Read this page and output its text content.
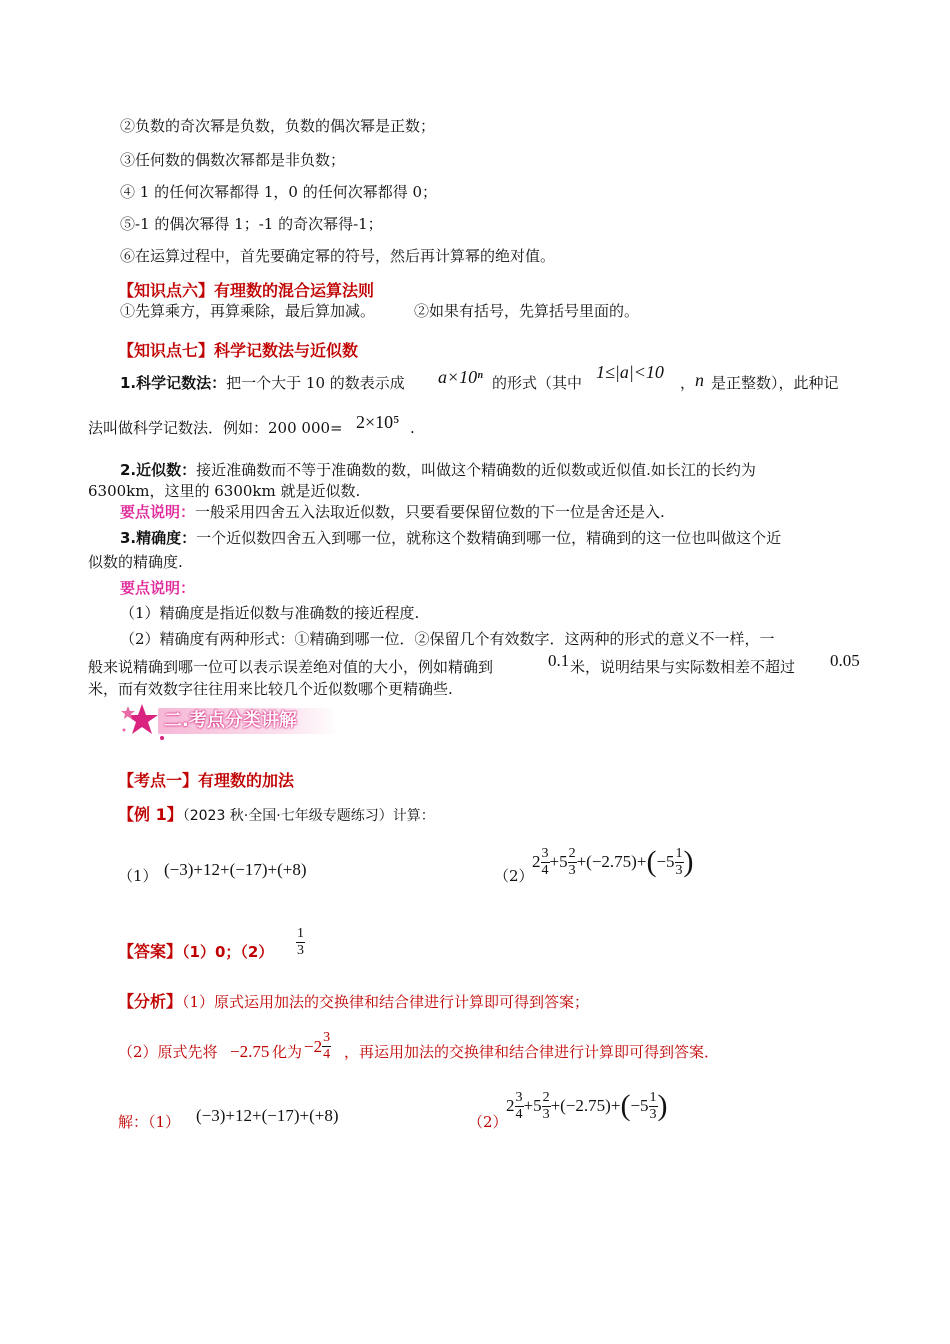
②负数的奇次幂是负数，负数的偶次幂是正数；
③任何数的偶数次幂都是非负数；
④ 1 的任何次幂都得 1，0 的任何次幂都得 0；
⑤-1 的偶次幂得 1；-1 的奇次幂得-1；
⑥在运算过程中，首先要确定幂的符号，然后再计算幂的绝对值。
【知识点六】有理数的混合运算法则
①先算乘方，再算乘除，最后算加减。	②如果有括号，先算括号里面的。
【知识点七】科学记数法与近似数
1.科学记数法：把一个大于 10 的数表示成 a×10ⁿ 的形式（其中
1≤|a|<10
， n 是正整数），此种记
法叫做科学记数法．例如：200 000= 2×10⁵ .
2.近似数：接近准确数而不等于准确数的数，叫做这个精确数的近似数或近似值.如长江的长约为
6300km，这里的 6300km 就是近似数.
要点说明：一般采用四舍五入法取近似数，只要看要保留位数的下一位是舍还是入.
3.精确度：一个近似数四舍五入到哪一位，就称这个数精确到哪一位，精确到的这一位也叫做这个近
似数的精确度.
要点说明：
（1）精确度是指近似数与准确数的接近程度.
（2）精确度有两种形式：①精确到哪一位．②保留几个有效数字．这两种的形式的意义不一样，一
般来说精确到哪一位可以表示误差绝对值的大小，例如精确到	0.1 米，说明结果与实际数相差不超过 0.05
米，而有效数字往往用来比较几个近似数哪个更精确些.
二.考点分类讲解
【考点一】有理数的加法
【例 1】（2023 秋·全国·七年级专题练习）计算：
（1） (−3)+12+(−17)+(+8)	（2）
$2 \frac{3}{4} +5 \frac{2}{3} +(-2.75)+$ ( $-5 \frac{1}{3}$ )
【答案】（1）0；$(2) \frac{1}{3}$
【分析】（1）原式运用加法的交换律和结合律进行计算即可得到答案；
（2）原式先将 −2.75 化为 $-2 \frac{3}{4}$ ，再运用加法的交换律和结合律进行计算即可得到答案．
解：（1） (−3)+12+(−17)+(+8)	（2）
$2 \frac{3}{4} +5 \frac{2}{3} +(-2.75)+$ ( $-5 \frac{1}{3}$ )
